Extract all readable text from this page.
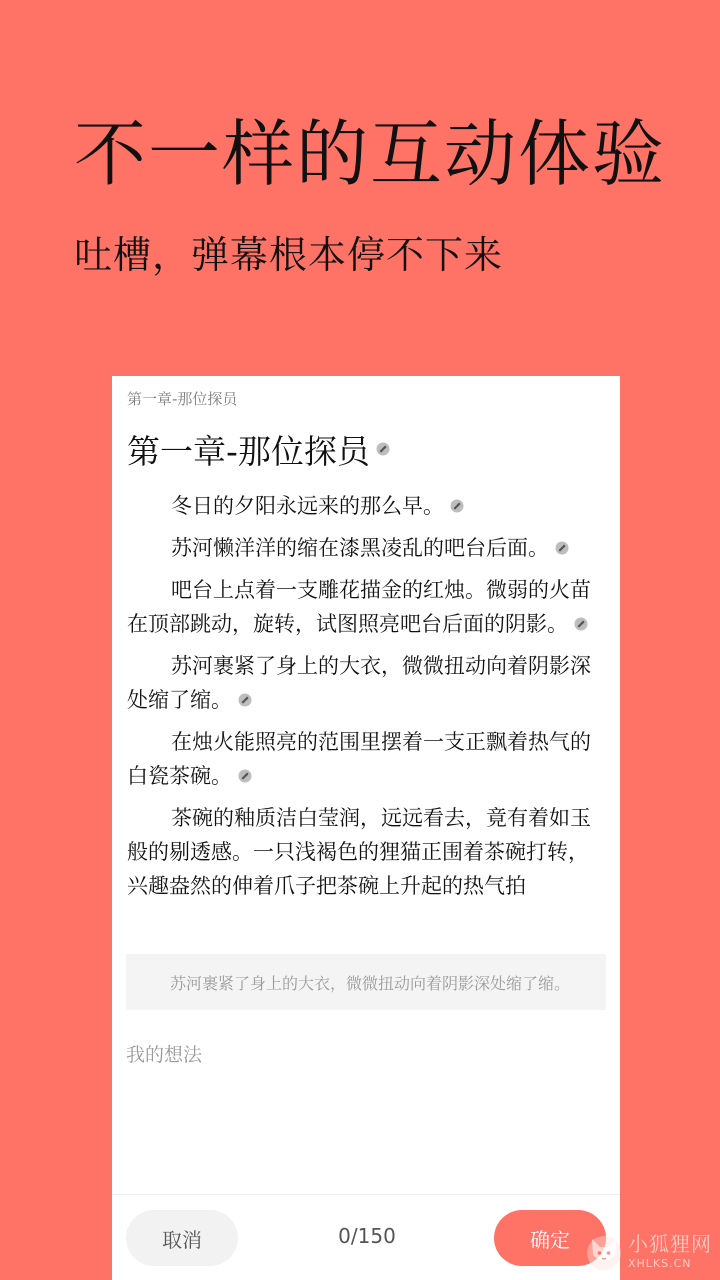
不一样的互动体验
吐槽，弹幕根本停不下来
第一章-那位探员
第一章-那位探员
冬日的夕阳永远来的那么早。
苏河懒洋洋的缩在漆黑凌乱的吧台后面。
吧台上点着一支雕花描金的红烛。微弱的火苗在顶部跳动，旋转，试图照亮吧台后面的阴影。
苏河裹紧了身上的大衣，微微扭动向着阴影深处缩了缩。
在烛火能照亮的范围里摆着一支正飘着热气的白瓷茶碗。
茶碗的釉质洁白莹润，远远看去，竟有着如玉般的剔透感。一只浅褐色的狸猫正围着茶碗打转，兴趣盎然的伸着爪子把茶碗上升起的热气拍
苏河裹紧了身上的大衣，微微扭动向着阴影深处缩了缩。
我的想法
取消	0/150	确定	小狐狸网
XHLKS.CN
